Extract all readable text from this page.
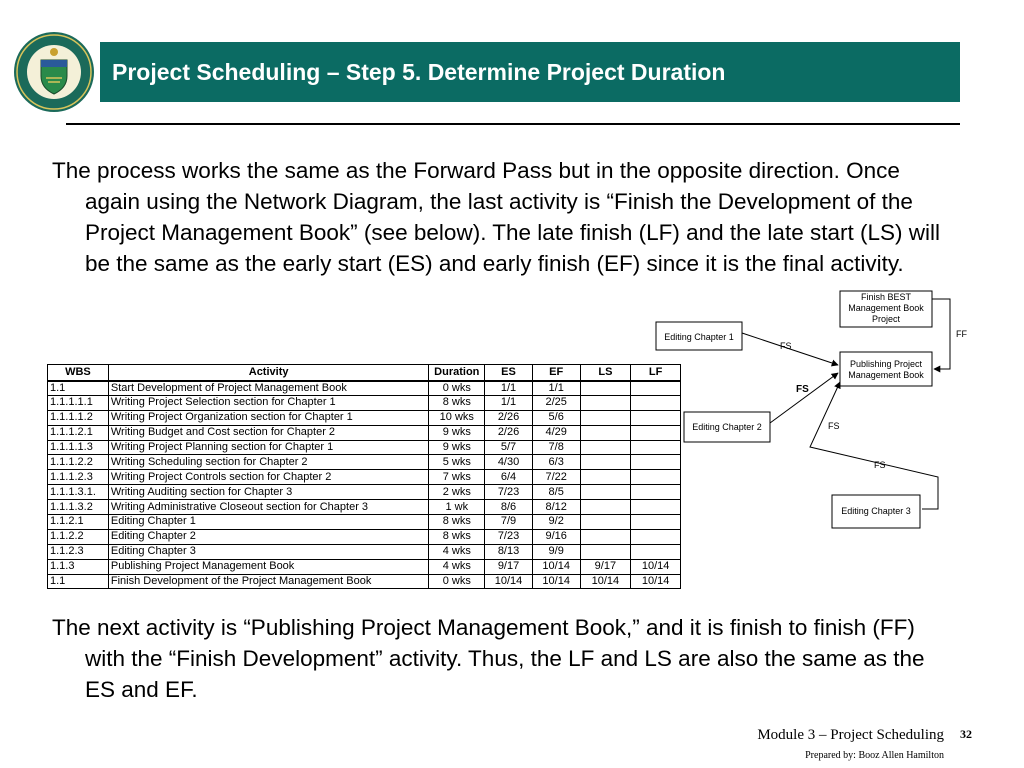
Project Scheduling – Step 5. Determine Project Duration

The process works the same as the Forward Pass but in the opposite direction. Once again using the Network Diagram, the last activity is “Finish the Development of the Project Management Book” (see below). The late finish (LF) and the late start (LS) will be the same as the early start (ES) and early finish (EF) since it is the final activity.

WBS	Activity	Duration	ES	EF	LS	LF
1.1	Start Development of Project Management Book	0 wks	1/1	1/1		
1.1.1.1.1	Writing Project Selection section for Chapter 1	8 wks	1/1	2/25		
1.1.1.1.2	Writing Project Organization section for Chapter 1	10 wks	2/26	5/6		
1.1.1.2.1	Writing Budget and Cost section for Chapter 2	9 wks	2/26	4/29		
1.1.1.1.3	Writing Project Planning section for Chapter 1	9 wks	5/7	7/8		
1.1.1.2.2	Writing Scheduling section for Chapter 2	5 wks	4/30	6/3		
1.1.1.2.3	Writing Project Controls section for Chapter 2	7 wks	6/4	7/22		
1.1.1.3.1.	Writing Auditing section for Chapter 3	2 wks	7/23	8/5		
1.1.1.3.2	Writing Administrative Closeout section for Chapter 3	1 wk	8/6	8/12		
1.1.2.1	Editing Chapter 1	8 wks	7/9	9/2		
1.1.2.2	Editing Chapter 2	8 wks	7/23	9/16		
1.1.2.3	Editing Chapter 3	4 wks	8/13	9/9		
1.1.3	Publishing Project Management Book	4 wks	9/17	10/14	9/17	10/14
1.1	Finish Development of the Project Management Book	0 wks	10/14	10/14	10/14	10/14
Finish BEST
Management Book
Project
Publishing Project
Management Book
Editing Chapter 1
Editing Chapter 2
Editing Chapter 3
FF
FS
FS
FS
FS

The next activity is “Publishing Project Management Book,” and it is finish to finish (FF) with the “Finish Development” activity. Thus, the LF and LS are also the same as the ES and EF.

Module 3 – Project Scheduling 32
Prepared by: Booz Allen Hamilton
